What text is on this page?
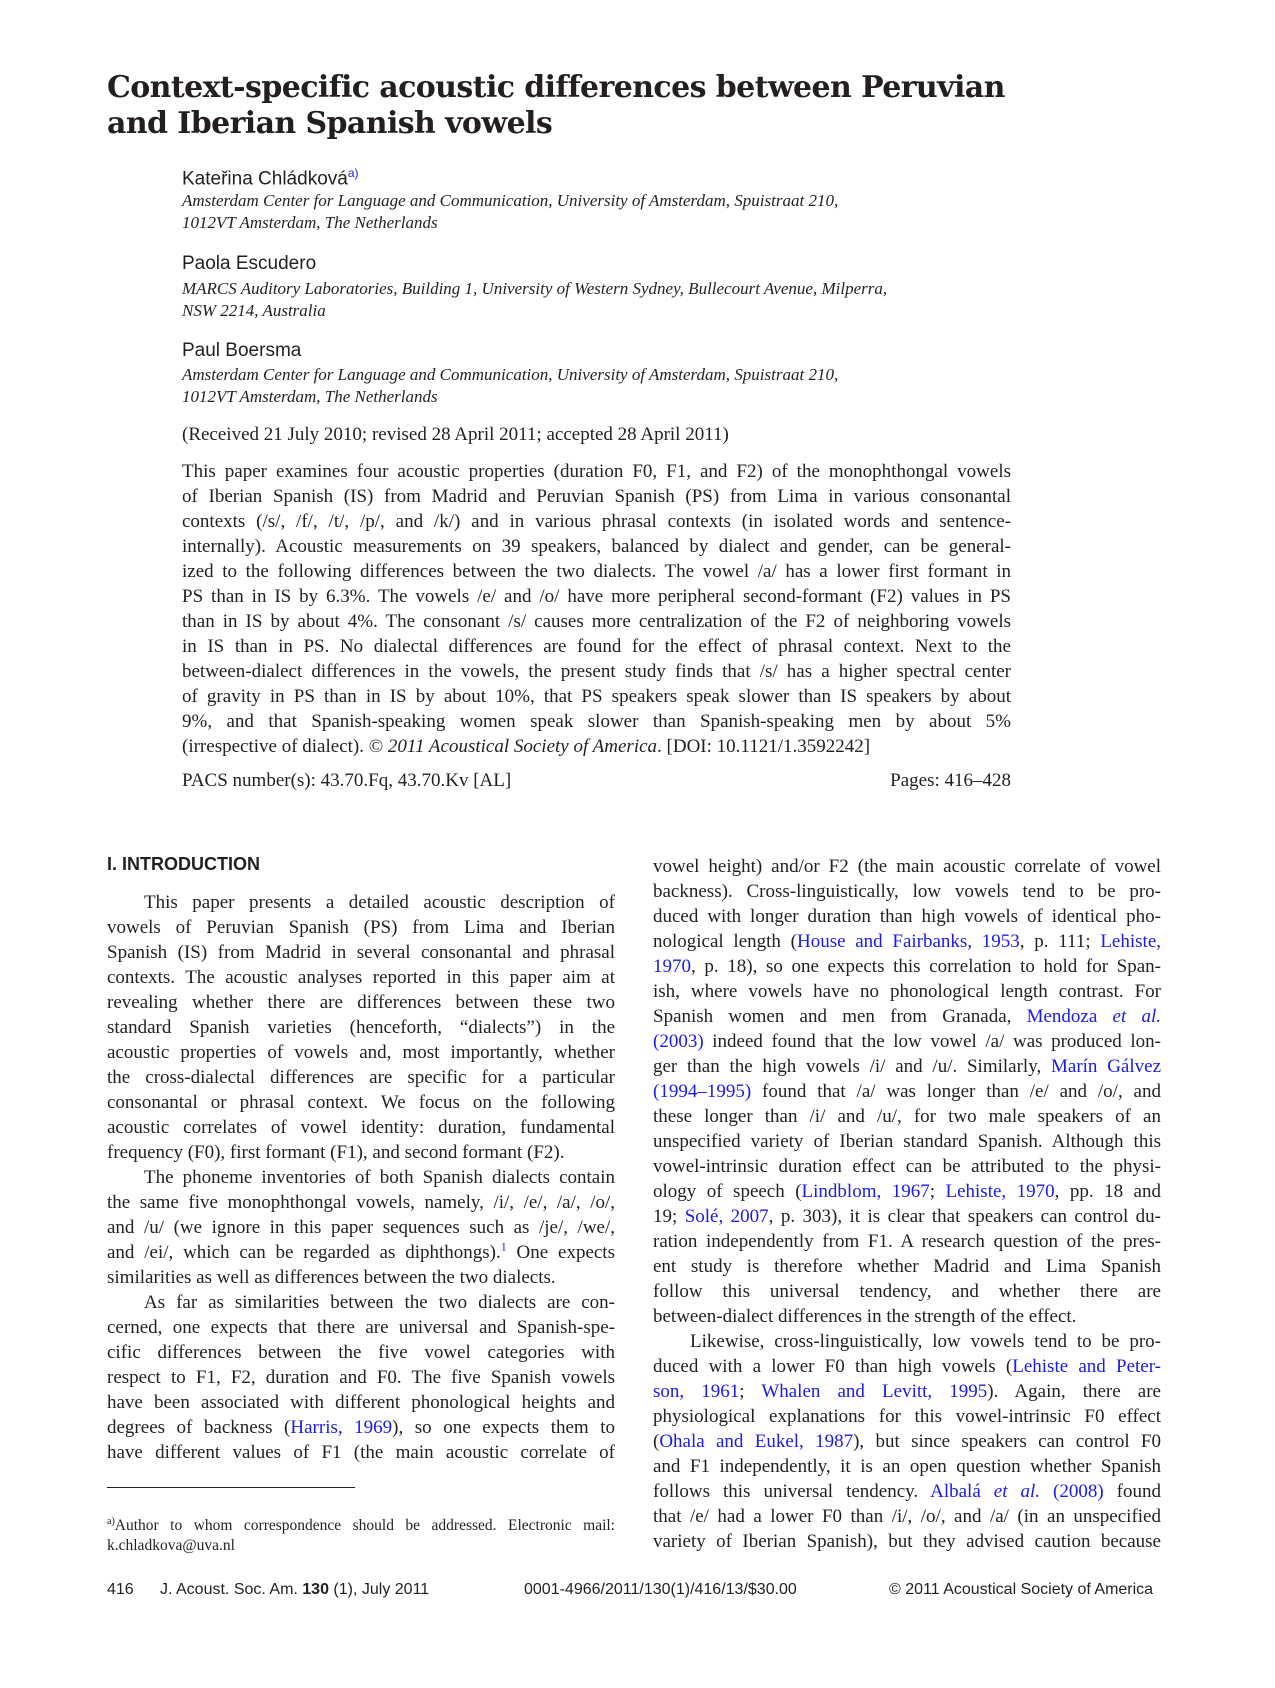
Context-specific acoustic differences between Peruvian
and Iberian Spanish vowels
Kateřina Chládková$^{a)}$
Amsterdam Center for Language and Communication, University of Amsterdam, Spuistraat 210,
1012VT Amsterdam, The Netherlands
Paola Escudero
MARCS Auditory Laboratories, Building 1, University of Western Sydney, Bullecourt Avenue, Milperra,
NSW 2214, Australia
Paul Boersma
Amsterdam Center for Language and Communication, University of Amsterdam, Spuistraat 210,
1012VT Amsterdam, The Netherlands
(Received 21 July 2010; revised 28 April 2011; accepted 28 April 2011)
This paper examines four acoustic properties (duration F0, F1, and F2) of the monophthongal vowels
of Iberian Spanish (IS) from Madrid and Peruvian Spanish (PS) from Lima in various consonantal
contexts (/s/, /f/, /t/, /p/, and /k/) and in various phrasal contexts (in isolated words and sentence-
internally). Acoustic measurements on 39 speakers, balanced by dialect and gender, can be general-
ized to the following differences between the two dialects. The vowel /a/ has a lower first formant in
PS than in IS by 6.3%. The vowels /e/ and /o/ have more peripheral second-formant (F2) values in PS
than in IS by about 4%. The consonant /s/ causes more centralization of the F2 of neighboring vowels
in IS than in PS. No dialectal differences are found for the effect of phrasal context. Next to the
between-dialect differences in the vowels, the present study finds that /s/ has a higher spectral center
of gravity in PS than in IS by about 10%, that PS speakers speak slower than IS speakers by about
9%, and that Spanish-speaking women speak slower than Spanish-speaking men by about 5%
(irrespective of dialect). © 2011 Acoustical Society of America. [DOI: 10.1121/1.3592242]
PACS number(s): 43.70.Fq, 43.70.Kv [AL]	Pages: 416–428
I. INTRODUCTION
This paper presents a detailed acoustic description of
vowels of Peruvian Spanish (PS) from Lima and Iberian
Spanish (IS) from Madrid in several consonantal and phrasal
contexts. The acoustic analyses reported in this paper aim at
revealing whether there are differences between these two
standard Spanish varieties (henceforth, “dialects”) in the
acoustic properties of vowels and, most importantly, whether
the cross-dialectal differences are specific for a particular
consonantal or phrasal context. We focus on the following
acoustic correlates of vowel identity: duration, fundamental
frequency (F0), first formant (F1), and second formant (F2).
The phoneme inventories of both Spanish dialects contain
the same five monophthongal vowels, namely, /i/, /e/, /a/, /o/,
and /u/ (we ignore in this paper sequences such as /je/, /we/,
and /ei/, which can be regarded as diphthongs).$^1$ One expects
similarities as well as differences between the two dialects.
As far as similarities between the two dialects are con-
cerned, one expects that there are universal and Spanish-spe-
cific differences between the five vowel categories with
respect to F1, F2, duration and F0. The five Spanish vowels
have been associated with different phonological heights and
degrees of backness (Harris, 1969), so one expects them to
have different values of F1 (the main acoustic correlate of
vowel height) and/or F2 (the main acoustic correlate of vowel
backness). Cross-linguistically, low vowels tend to be pro-
duced with longer duration than high vowels of identical pho-
nological length (House and Fairbanks, 1953, p. 111; Lehiste,
1970, p. 18), so one expects this correlation to hold for Span-
ish, where vowels have no phonological length contrast. For
Spanish women and men from Granada, Mendoza et al.
(2003) indeed found that the low vowel /a/ was produced lon-
ger than the high vowels /i/ and /u/. Similarly, Marín Gálvez
(1994–1995) found that /a/ was longer than /e/ and /o/, and
these longer than /i/ and /u/, for two male speakers of an
unspecified variety of Iberian standard Spanish. Although this
vowel-intrinsic duration effect can be attributed to the physi-
ology of speech (Lindblom, 1967; Lehiste, 1970, pp. 18 and
19; Solé, 2007, p. 303), it is clear that speakers can control du-
ration independently from F1. A research question of the pres-
ent study is therefore whether Madrid and Lima Spanish
follow this universal tendency, and whether there are
between-dialect differences in the strength of the effect.
Likewise, cross-linguistically, low vowels tend to be pro-
duced with a lower F0 than high vowels (Lehiste and Peter-
son, 1961; Whalen and Levitt, 1995). Again, there are
physiological explanations for this vowel-intrinsic F0 effect
(Ohala and Eukel, 1987), but since speakers can control F0
and F1 independently, it is an open question whether Spanish
follows this universal tendency. Albalá et al. (2008) found
that /e/ had a lower F0 than /i/, /o/, and /a/ (in an unspecified
variety of Iberian Spanish), but they advised caution because
$^{a)}$Author to whom correspondence should be addressed. Electronic mail:
k.chladkova@uva.nl
416 J. Acoust. Soc. Am. 130 (1), July 2011	0001-4966/2011/130(1)/416/13/$30.00	© 2011 Acoustical Society of America
